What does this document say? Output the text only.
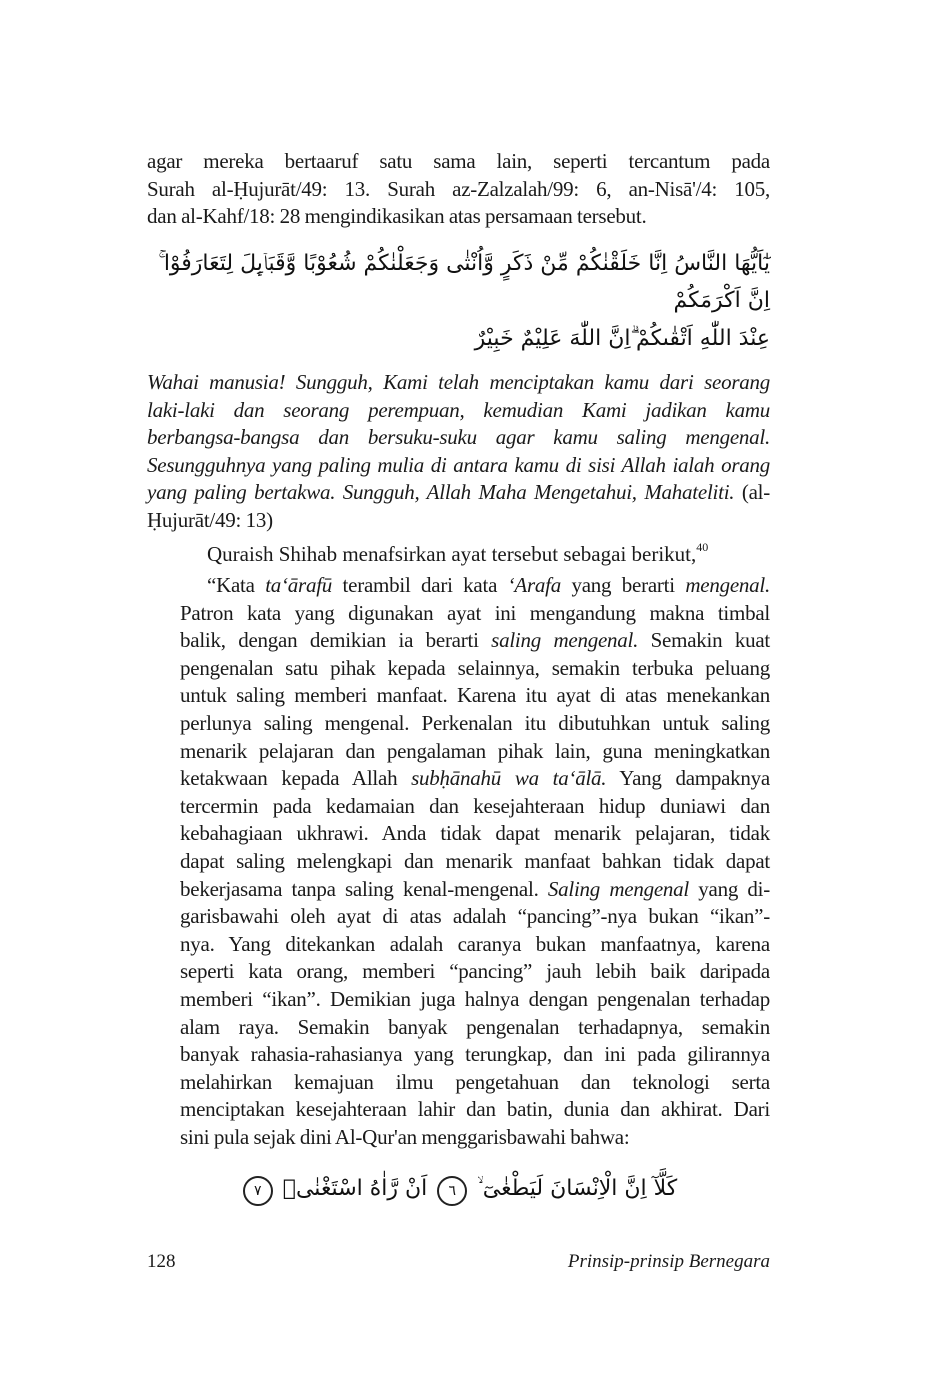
agar mereka bertaaruf satu sama lain, seperti tercantum pada
Surah al-Ḥujurāt/49: 13. Surah az-Zalzalah/99: 6, an-Nisā'/4: 105,
dan al-Kahf/18: 28 mengindikasikan atas persamaan tersebut.
يٰٓاَيُّهَا النَّاسُ اِنَّا خَلَقْنٰكُمْ مِّنْ ذَكَرٍ وَّاُنْثٰى وَجَعَلْنٰكُمْ شُعُوْبًا وَّقَبَاۤىِٕلَ لِتَعَارَفُوْا ۚ اِنَّ اَكْرَمَكُمْ
عِنْدَ اللّٰهِ اَتْقٰىكُمْ ۗاِنَّ اللّٰهَ عَلِيْمٌ خَبِيْرٌ
Wahai manusia! Sungguh, Kami telah menciptakan kamu dari seorang
laki-laki dan seorang perempuan, kemudian Kami jadikan kamu
berbangsa-bangsa dan bersuku-suku agar kamu saling mengenal.
Sesungguhnya yang paling mulia di antara kamu di sisi Allah ialah orang
yang paling bertakwa. Sungguh, Allah Maha Mengetahui, Mahateliti. (al-
Ḥujurāt/49: 13)
Quraish Shihab menafsirkan ayat tersebut sebagai berikut,$^{40}$
“Kata ta‘ārafū terambil dari kata ‘Arafa yang berarti mengenal.
Patron kata yang digunakan ayat ini mengandung makna timbal
balik, dengan demikian ia berarti saling mengenal. Semakin kuat
pengenalan satu pihak kepada selainnya, semakin terbuka peluang
untuk saling memberi manfaat. Karena itu ayat di atas menekankan
perlunya saling mengenal. Perkenalan itu dibutuhkan untuk saling
menarik pelajaran dan pengalaman pihak lain, guna meningkatkan
ketakwaan kepada Allah subḥānahū wa ta‘ālā. Yang dampaknya
tercermin pada kedamaian dan kesejahteraan hidup duniawi dan
kebahagiaan ukhrawi. Anda tidak dapat menarik pelajaran, tidak
dapat saling melengkapi dan menarik manfaat bahkan tidak dapat
bekerjasama tanpa saling kenal-mengenal. Saling mengenal yang di-
garisbawahi oleh ayat di atas adalah “pancing”-nya bukan “ikan”-
nya. Yang ditekankan adalah caranya bukan manfaatnya, karena
seperti kata orang, memberi “pancing” jauh lebih baik daripada
memberi “ikan”. Demikian juga halnya dengan pengenalan terhadap
alam raya. Semakin banyak pengenalan terhadapnya, semakin
banyak rahasia-rahasianya yang terungkap, dan ini pada gilirannya
melahirkan kemajuan ilmu pengetahuan dan teknologi serta
menciptakan kesejahteraan lahir dan batin, dunia dan akhirat. Dari
sini pula sejak dini Al-Qur'an menggarisbawahi bahwa:
كَلَّآ اِنَّ الْاِنْسَانَ لَيَطْغٰىٓ ۙ ٦ اَنْ رَّاٰهُ اسْتَغْنٰىۗ ٧
128	Prinsip-prinsip Bernegara
